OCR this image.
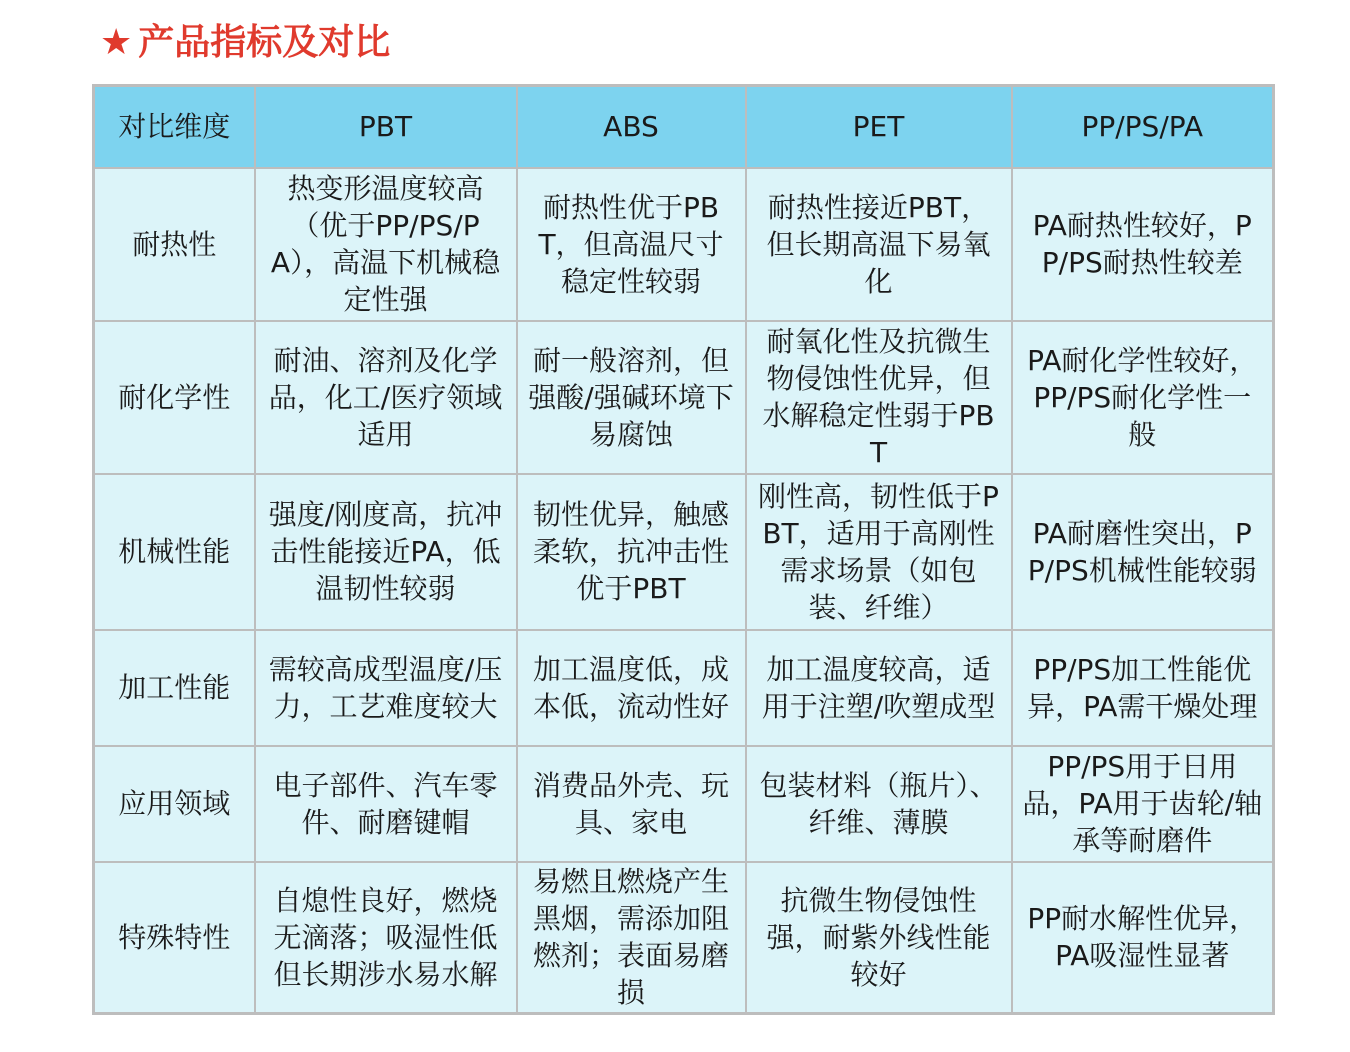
★ 产品指标及对比
对比维度	PBT	ABS	PET	PP/PS/PA
耐热性	热变形温度较高（优于PP/PS/PA），高温下机械稳定性强	耐热性优于PBT，但高温尺寸稳定性较弱	耐热性接近PBT，但长期高温下易氧化	PA耐热性较好，PP/PS耐热性较差
耐化学性	耐油、溶剂及化学品，化工/医疗领域适用	耐一般溶剂，但强酸/强碱环境下易腐蚀	耐氧化性及抗微生物侵蚀性优异，但水解稳定性弱于PBT	PA耐化学性较好，PP/PS耐化学性一般
机械性能	强度/刚度高，抗冲击性能接近PA，低温韧性较弱	韧性优异，触感柔软，抗冲击性优于PBT	刚性高，韧性低于PBT，适用于高刚性需求场景（如包装、纤维）	PA耐磨性突出，PP/PS机械性能较弱
加工性能	需较高成型温度/压力，工艺难度较大	加工温度低，成本低，流动性好	加工温度较高，适用于注塑/吹塑成型	PP/PS加工性能优异，PA需干燥处理
应用领域	电子部件、汽车零件、耐磨键帽	消费品外壳、玩具、家电	包装材料（瓶片）、纤维、薄膜	PP/PS用于日用品，PA用于齿轮/轴承等耐磨件
特殊特性	自熄性良好，燃烧无滴落；吸湿性低但长期涉水易水解	易燃且燃烧产生黑烟，需添加阻燃剂；表面易磨损	抗微生物侵蚀性强，耐紫外线性能较好	PP耐水解性优异，PA吸湿性显著
